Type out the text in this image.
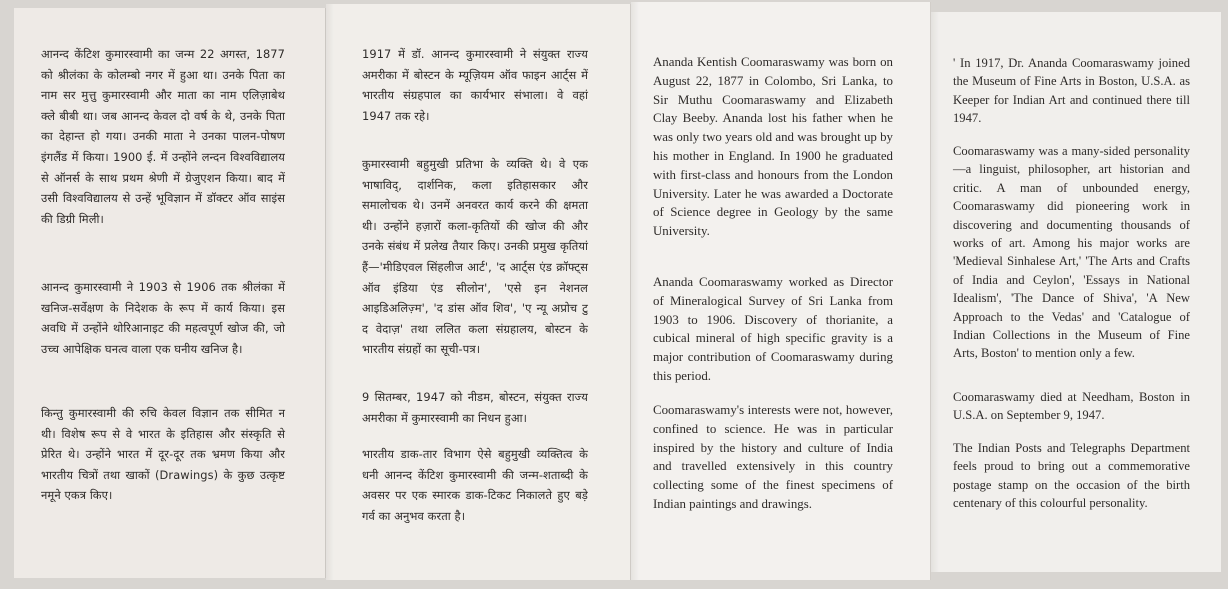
आनन्द केंटिश कुमारस्वामी का जन्म 22 अगस्त, 1877 को श्रीलंका के कोलम्बो नगर में हुआ था। उनके पिता का नाम सर मुत्तु कुमारस्वामी और माता का नाम एलिज़ाबेथ क्ले बीबी था। जब आनन्द केवल दो वर्ष के थे, उनके पिता का देहान्त हो गया। उनकी माता ने उनका पालन-पोषण इंगलैंड में किया। 1900 ई. में उन्होंने लन्दन विश्वविद्यालय से ऑनर्स के साथ प्रथम श्रेणी में ग्रेजुएशन किया। बाद में उसी विश्वविद्यालय से उन्हें भूविज्ञान में डॉक्टर ऑव साइंस की डिग्री मिली।

आनन्द कुमारस्वामी ने 1903 से 1906 तक श्रीलंका में खनिज-सर्वेक्षण के निदेशक के रूप में कार्य किया। इस अवधि में उन्होंने थोरिआनाइट की महत्वपूर्ण खोज की, जो उच्च आपेक्षिक घनत्व वाला एक घनीय खनिज है।

किन्तु कुमारस्वामी की रुचि केवल विज्ञान तक सीमित न थी। विशेष रूप से वे भारत के इतिहास और संस्कृति से प्रेरित थे। उन्होंने भारत में दूर-दूर तक भ्रमण किया और भारतीय चित्रों तथा खाकों (Drawings) के कुछ उत्कृष्ट नमूने एकत्र किए।

1917 में डॉ. आनन्द कुमारस्वामी ने संयुक्त राज्य अमरीका में बोस्टन के म्यूज़ियम ऑव फाइन आर्ट्स में भारतीय संग्रहपाल का कार्यभार संभाला। वे वहां 1947 तक रहे।

कुमारस्वामी बहुमुखी प्रतिभा के व्यक्ति थे। वे एक भाषाविद्, दार्शनिक, कला इतिहासकार और समालोचक थे। उनमें अनवरत कार्य करने की क्षमता थी। उन्होंने हज़ारों कला-कृतियों की खोज की और उनके संबंध में प्रलेख तैयार किए। उनकी प्रमुख कृतियां हैं—'मीडिएवल सिंहलीज आर्ट', 'द आर्ट्स एंड क्रॉफ्ट्स ऑव इंडिया एंड सीलोन', 'एसे इन नेशनल आइडिअलिज़्म', 'द डांस ऑव शिव', 'ए न्यू अप्रोच टु द वेदाज़' तथा ललित कला संग्रहालय, बोस्टन के भारतीय संग्रहों का सूची-पत्र।

9 सितम्बर, 1947 को नीडम, बोस्टन, संयुक्त राज्य अमरीका में कुमारस्वामी का निधन हुआ।

भारतीय डाक-तार विभाग ऐसे बहुमुखी व्यक्तित्व के धनी आनन्द केंटिश कुमारस्वामी की जन्म-शताब्दी के अवसर पर एक स्मारक डाक-टिकट निकालते हुए बड़े गर्व का अनुभव करता है।

Ananda Kentish Coomaraswamy was born on August 22, 1877 in Colombo, Sri Lanka, to Sir Muthu Coomaraswamy and Elizabeth Clay Beeby. Ananda lost his father when he was only two years old and was brought up by his mother in England. In 1900 he graduated with first-class and honours from the London University. Later he was awarded a Doctorate of Science degree in Geology by the same University.

Ananda Coomaraswamy worked as Director of Mineralogical Survey of Sri Lanka from 1903 to 1906. Discovery of thorianite, a cubical mineral of high specific gravity is a major contribution of Coomaraswamy during this period.

Coomaraswamy's interests were not, however, confined to science. He was in particular inspired by the history and culture of India and travelled extensively in this country collecting some of the finest specimens of Indian paintings and drawings.

' In 1917, Dr. Ananda Coomaraswamy joined the Museum of Fine Arts in Boston, U.S.A. as Keeper for Indian Art and continued there till 1947.

Coomaraswamy was a many-sided personality—a linguist, philosopher, art historian and critic. A man of unbounded energy, Coomaraswamy did pioneering work in discovering and documenting thousands of works of art. Among his major works are 'Medieval Sinhalese Art,' 'The Arts and Crafts of India and Ceylon', 'Essays in National Idealism', 'The Dance of Shiva', 'A New Approach to the Vedas' and 'Catalogue of Indian Collections in the Museum of Fine Arts, Boston' to mention only a few.

Coomaraswamy died at Needham, Boston in U.S.A. on September 9, 1947.

The Indian Posts and Telegraphs Department feels proud to bring out a commemorative postage stamp on the occasion of the birth centenary of this colourful personality.
